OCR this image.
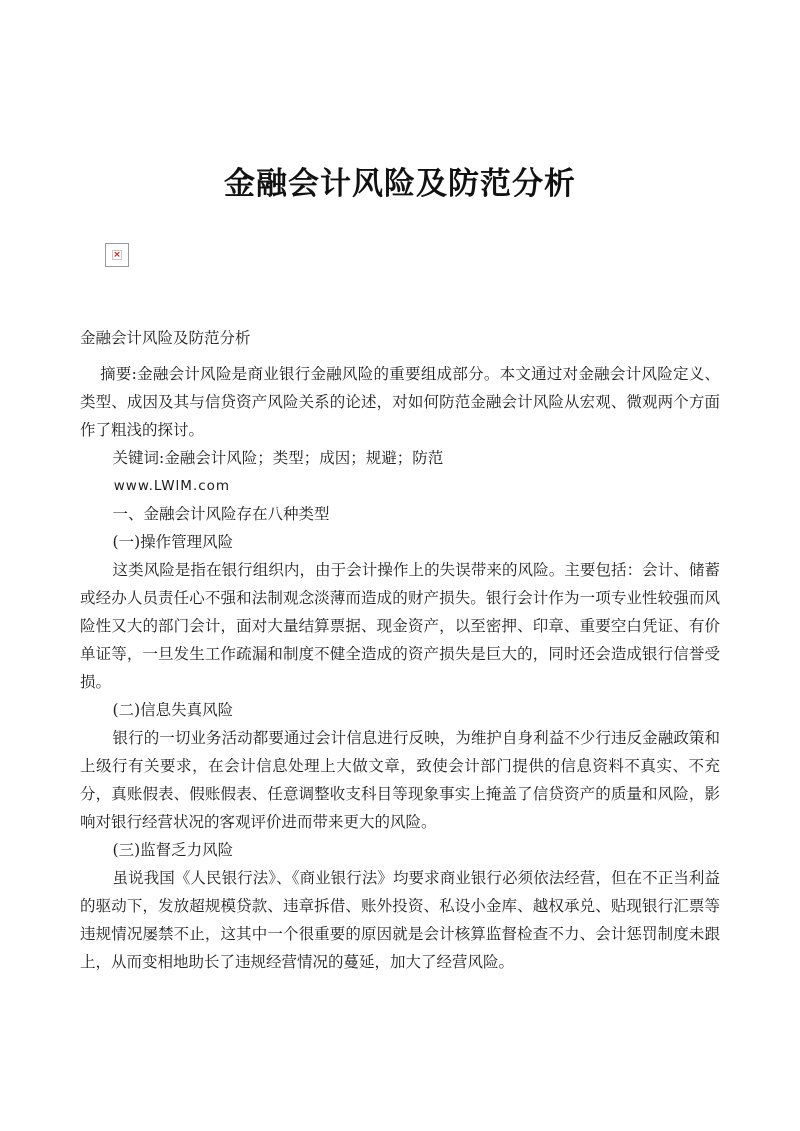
金融会计风险及防范分析
×

金融会计风险及防范分析

摘要:金融会计风险是商业银行金融风险的重要组成部分。本文通过对金融会计风险定义、类型、成因及其与信贷资产风险关系的论述，对如何防范金融会计风险从宏观、微观两个方面作了粗浅的探讨。

关键词:金融会计风险；类型；成因；规避；防范

www.LWlM.com

一、金融会计风险存在八种类型

(一)操作管理风险

这类风险是指在银行组织内，由于会计操作上的失误带来的风险。主要包括：会计、储蓄或经办人员责任心不强和法制观念淡薄而造成的财产损失。银行会计作为一项专业性较强而风险性又大的部门会计，面对大量结算票据、现金资产，以至密押、印章、重要空白凭证、有价单证等，一旦发生工作疏漏和制度不健全造成的资产损失是巨大的，同时还会造成银行信誉受损。

(二)信息失真风险

银行的一切业务活动都要通过会计信息进行反映，为维护自身利益不少行违反金融政策和上级行有关要求，在会计信息处理上大做文章，致使会计部门提供的信息资料不真实、不充分，真账假表、假账假表、任意调整收支科目等现象事实上掩盖了信贷资产的质量和风险，影响对银行经营状况的客观评价进而带来更大的风险。

(三)监督乏力风险

虽说我国《人民银行法》、《商业银行法》均要求商业银行必须依法经营，但在不正当利益的驱动下，发放超规模贷款、违章拆借、账外投资、私设小金库、越权承兑、贴现银行汇票等违规情况屡禁不止，这其中一个很重要的原因就是会计核算监督检查不力、会计惩罚制度未跟上，从而变相地助长了违规经营情况的蔓延，加大了经营风险。
